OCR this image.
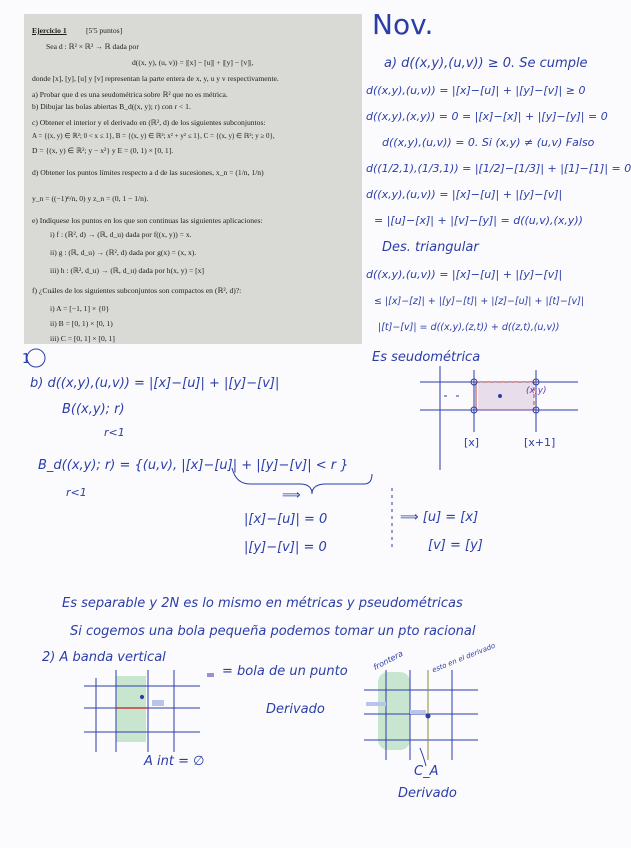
Ejercicio 1	[5'5 puntos]
Sea d : ℝ² × ℝ² → ℝ dada por
d((x, y), (u, v)) = |[x] − [u]| + |[y] − [v]|,
donde [x], [y], [u] y [v] representan la parte entera de x, y, u y v respectivamente.
a) Probar que d es una seudométrica sobre ℝ² que no es métrica.
b) Dibujar las bolas abiertas B_d((x, y); r) con r < 1.
c) Obtener el interior y el derivado en (ℝ², d) de los siguientes subconjuntos:
A = {(x, y) ∈ ℝ²; 0 < x ≤ 1}, B = {(x, y) ∈ ℝ²; x² + y² ≤ 1}, C = {(x, y) ∈ ℝ²; y ≥ 0},
D = {(x, y) ∈ ℝ²; y − x²} y E = (0, 1) × [0, 1].
d) Obtener los puntos límites respecto a d de las sucesiones, x_n = (1/n, 1/n)
y_n = ((−1)ⁿ/n, 0) y z_n = (0, 1 − 1/n).
e) Indíquese los puntos en los que son continuas las siguientes aplicaciones:
i) f : (ℝ², d) → (ℝ, d_u) dada por f((x, y)) = x.
ii) g : (ℝ, d_u) → (ℝ², d) dada por g(x) = (x, x).
iii) h : (ℝ², d_u) → (ℝ, d_u) dada por h(x, y) = [x]
f) ¿Cuáles de los siguientes subconjuntos son compactos en (ℝ², d)?:
i) A = [−1, 1] × {0}
ii) B = [0, 1) × [0, 1)
iii) C = [0, 1] × [0, 1]
Nov.
a) d((x,y),(u,v)) ≥ 0. Se cumple
d((x,y),(u,v)) = |[x]−[u]| + |[y]−[v]| ≥ 0
d((x,y),(x,y)) = 0 = |[x]−[x]| + |[y]−[y]| = 0
d((x,y),(u,v)) = 0. Si (x,y) ≠ (u,v) Falso
d((1/2,1),(1/3,1)) = |[1/2]−[1/3]| + |[1]−[1]| = 0
d((x,y),(u,v)) = |[x]−[u]| + |[y]−[v]|
= |[u]−[x]| + |[v]−[y]| = d((u,v),(x,y))
Des. triangular
d((x,y),(u,v)) = |[x]−[u]| + |[y]−[v]|
≤ |[x]−[z]| + |[y]−[t]| + |[z]−[u]| + |[t]−[v]|
|[t]−[v]| = d((x,y),(z,t)) + d((z,t),(u,v))
Es seudométrica
1
b) d((x,y),(u,v)) = |[x]−[u]| + |[y]−[v]|
B((x,y); r)
r<1
(x,y)
[x]	[x+1]
B_d((x,y); r) = {(u,v), |[x]−[u]| + |[y]−[v]| < r }
r<1	⟹
|[x]−[u]| = 0
|[y]−[v]| = 0
⟹ [u] = [x]
[v] = [y]
Es separable y 2N es lo mismo en métricas y pseudométricas
Si cogemos una bola pequeña podemos tomar un pto racional
2) A banda vertical
= bola de un punto
Derivado
A int = ∅
C_A
Derivado
frontera	esto en el derivado
